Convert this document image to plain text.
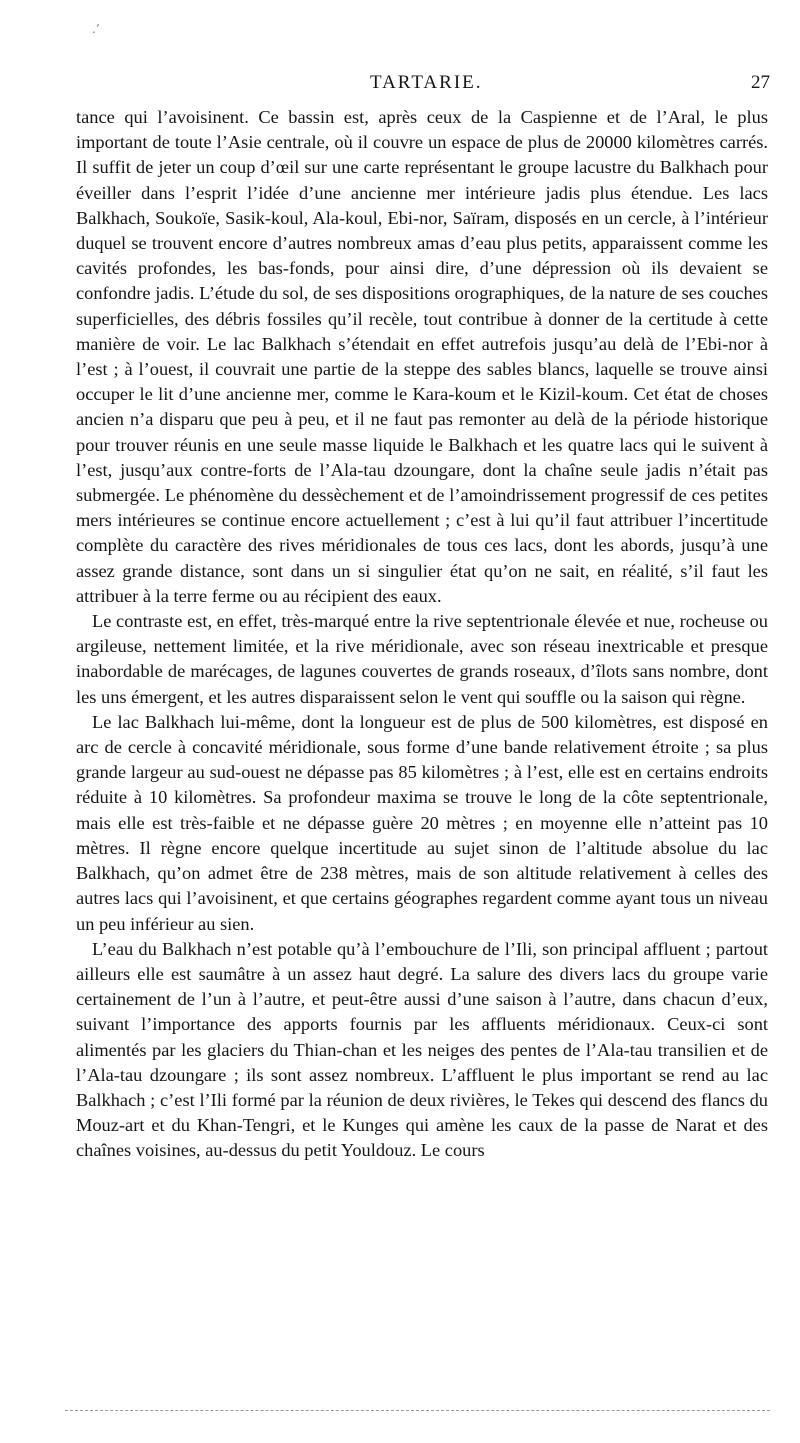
.’
TARTARIE.	27

tance qui l’avoisinent. Ce bassin est, après ceux de la Caspienne et de l’Aral, le plus important de toute l’Asie centrale, où il couvre un espace de plus de 20000 kilomètres carrés. Il suffit de jeter un coup d’œil sur une carte représentant le groupe lacustre du Balkhach pour éveiller dans l’esprit l’idée d’une ancienne mer intérieure jadis plus étendue. Les lacs Balkhach, Soukoïe, Sasik-koul, Ala-koul, Ebi-nor, Saïram, disposés en un cercle, à l’intérieur duquel se trouvent encore d’autres nombreux amas d’eau plus petits, apparaissent comme les cavités profondes, les bas-fonds, pour ainsi dire, d’une dépression où ils devaient se confondre jadis. L’étude du sol, de ses dispositions orographiques, de la nature de ses couches superficielles, des débris fossiles qu’il recèle, tout contribue à donner de la certitude à cette manière de voir. Le lac Balkhach s’étendait en effet autrefois jusqu’au delà de l’Ebi-nor à l’est ; à l’ouest, il couvrait une partie de la steppe des sables blancs, laquelle se trouve ainsi occuper le lit d’une ancienne mer, comme le Kara-koum et le Kizil-koum. Cet état de choses ancien n’a disparu que peu à peu, et il ne faut pas remonter au delà de la période historique pour trouver réunis en une seule masse liquide le Balkhach et les quatre lacs qui le suivent à l’est, jusqu’aux contre-forts de l’Ala-tau dzoungare, dont la chaîne seule jadis n’était pas submergée. Le phénomène du dessèchement et de l’amoindrissement progressif de ces petites mers intérieures se continue encore actuellement ; c’est à lui qu’il faut attribuer l’incertitude complète du caractère des rives méridionales de tous ces lacs, dont les abords, jusqu’à une assez grande distance, sont dans un si singulier état qu’on ne sait, en réalité, s’il faut les attribuer à la terre ferme ou au récipient des eaux.

Le contraste est, en effet, très-marqué entre la rive septentrionale élevée et nue, rocheuse ou argileuse, nettement limitée, et la rive méridionale, avec son réseau inextricable et presque inabordable de marécages, de lagunes couvertes de grands roseaux, d’îlots sans nombre, dont les uns émergent, et les autres disparaissent selon le vent qui souffle ou la saison qui règne.

Le lac Balkhach lui-même, dont la longueur est de plus de 500 kilomètres, est disposé en arc de cercle à concavité méridionale, sous forme d’une bande relativement étroite ; sa plus grande largeur au sud-ouest ne dépasse pas 85 kilomètres ; à l’est, elle est en certains endroits réduite à 10 kilomètres. Sa profondeur maxima se trouve le long de la côte septentrionale, mais elle est très-faible et ne dépasse guère 20 mètres ; en moyenne elle n’atteint pas 10 mètres. Il règne encore quelque incertitude au sujet sinon de l’altitude absolue du lac Balkhach, qu’on admet être de 238 mètres, mais de son altitude relativement à celles des autres lacs qui l’avoisinent, et que certains géographes regardent comme ayant tous un niveau un peu inférieur au sien.

L’eau du Balkhach n’est potable qu’à l’embouchure de l’Ili, son principal affluent ; partout ailleurs elle est saumâtre à un assez haut degré. La salure des divers lacs du groupe varie certainement de l’un à l’autre, et peut-être aussi d’une saison à l’autre, dans chacun d’eux, suivant l’importance des apports fournis par les affluents méridionaux. Ceux-ci sont alimentés par les glaciers du Thian-chan et les neiges des pentes de l’Ala-tau transilien et de l’Ala-tau dzoungare ; ils sont assez nombreux. L’affluent le plus important se rend au lac Balkhach ; c’est l’Ili formé par la réunion de deux rivières, le Tekes qui descend des flancs du Mouz-art et du Khan-Tengri, et le Kunges qui amène les caux de la passe de Narat et des chaînes voisines, au-dessus du petit Youldouz. Le cours
